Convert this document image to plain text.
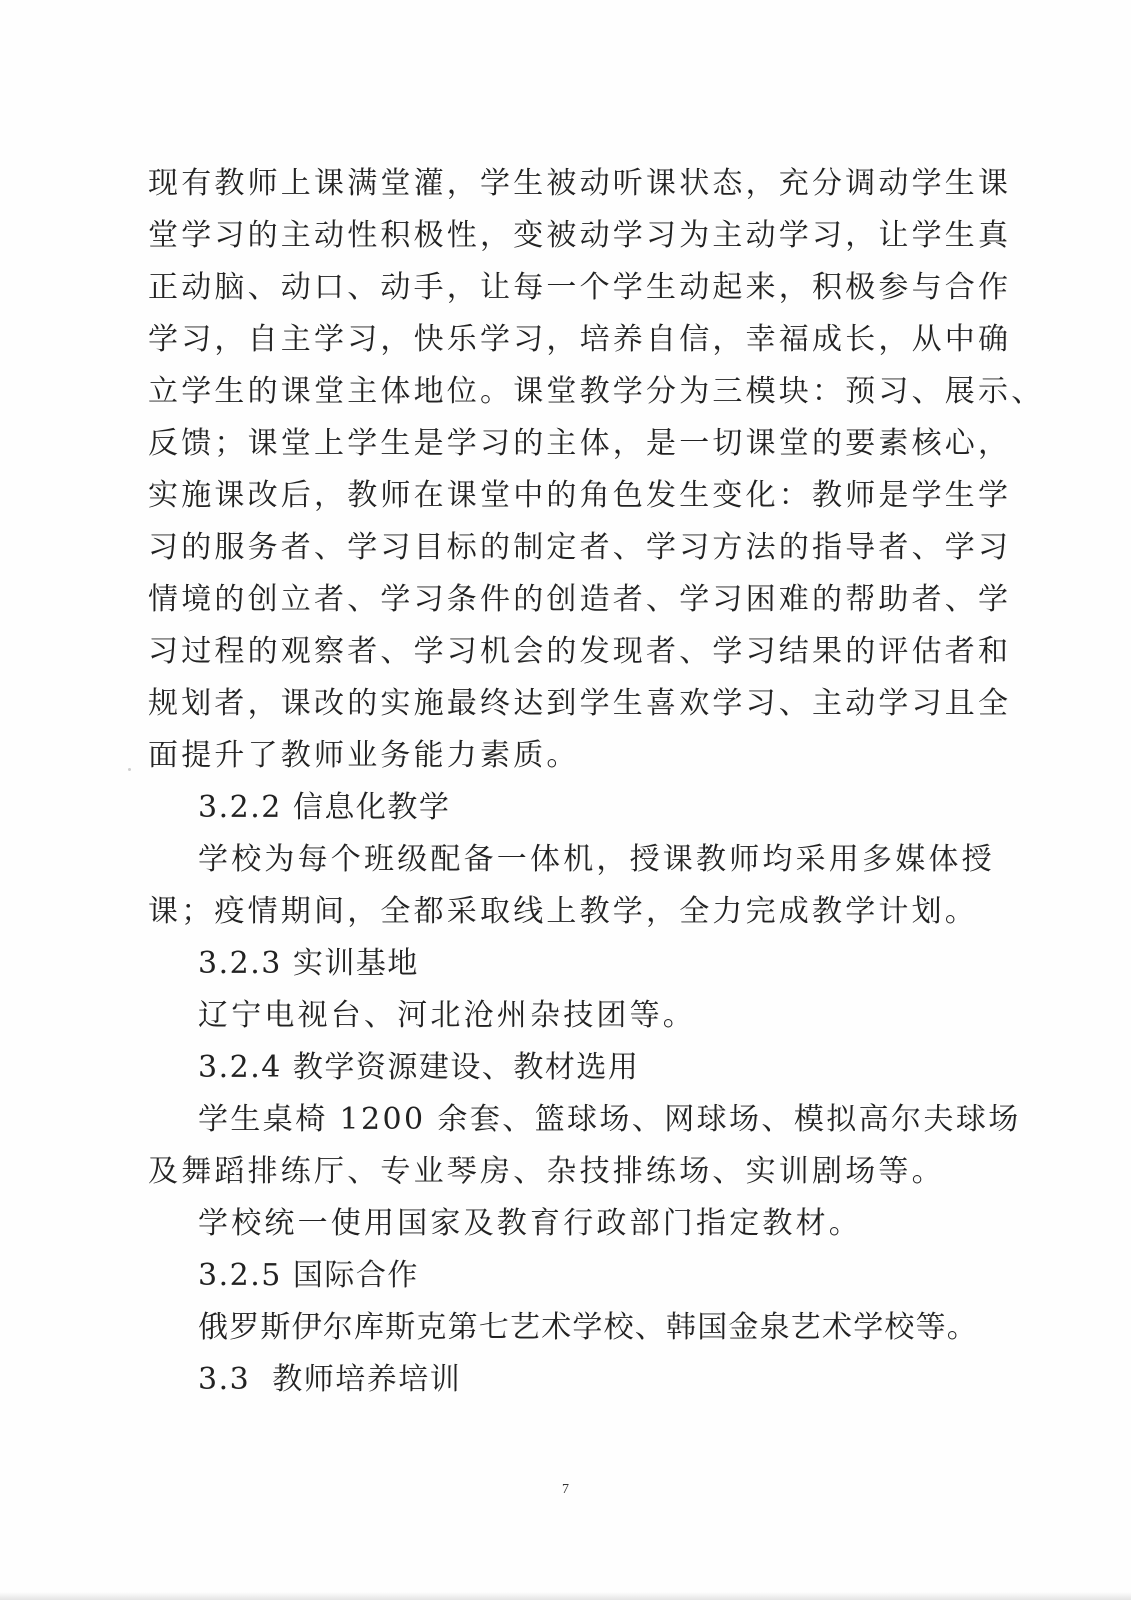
现有教师上课满堂灌，学生被动听课状态，充分调动学生课
堂学习的主动性积极性，变被动学习为主动学习，让学生真
正动脑、动口、动手，让每一个学生动起来，积极参与合作
学习，自主学习，快乐学习，培养自信，幸福成长，从中确
立学生的课堂主体地位。课堂教学分为三模块：预习、展示、
反馈；课堂上学生是学习的主体，是一切课堂的要素核心，
实施课改后，教师在课堂中的角色发生变化：教师是学生学
习的服务者、学习目标的制定者、学习方法的指导者、学习
情境的创立者、学习条件的创造者、学习困难的帮助者、学
习过程的观察者、学习机会的发现者、学习结果的评估者和
规划者，课改的实施最终达到学生喜欢学习、主动学习且全
面提升了教师业务能力素质。
3.2.2 信息化教学
学校为每个班级配备一体机，授课教师均采用多媒体授
课；疫情期间，全都采取线上教学，全力完成教学计划。
3.2.3 实训基地
辽宁电视台、河北沧州杂技团等。
3.2.4 教学资源建设、教材选用
学生桌椅 1200 余套、篮球场、网球场、模拟高尔夫球场
及舞蹈排练厅、专业琴房、杂技排练场、实训剧场等。
学校统一使用国家及教育行政部门指定教材。
3.2.5 国际合作
俄罗斯伊尔库斯克第七艺术学校、韩国金泉艺术学校等。
3.3  教师培养培训
7
